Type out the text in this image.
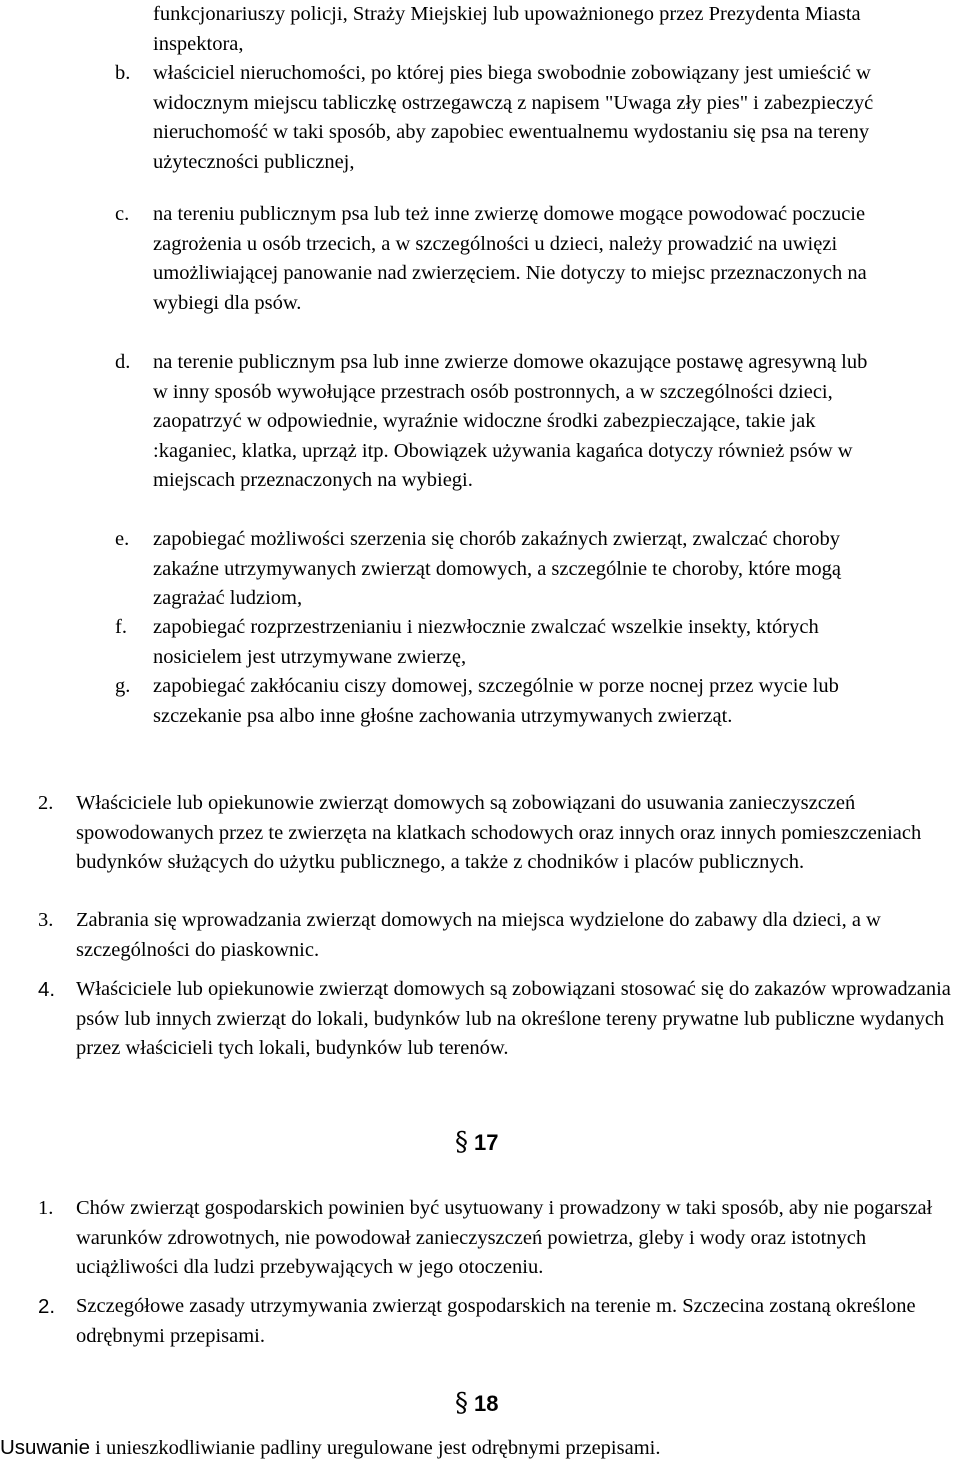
funkcjonariuszy policji, Straży Miejskiej lub upoważnionego przez Prezydenta Miasta inspektora,
b. właściciel nieruchomości, po której pies biega swobodnie zobowiązany jest umieścić w widocznym miejscu tabliczkę ostrzegawczą z napisem "Uwaga zły pies" i zabezpieczyć nieruchomość w taki sposób, aby zapobiec ewentualnemu wydostaniu się psa na tereny użyteczności publicznej,
c. na tereniu publicznym psa lub też inne zwierzę domowe mogące powodować poczucie zagrożenia u osób trzecich, a w szczególności u dzieci, należy prowadzić na uwięzi umożliwiającej panowanie nad zwierzęciem. Nie dotyczy to miejsc przeznaczonych na wybiegi dla psów.
d. na terenie publicznym psa lub inne zwierze domowe okazujące postawę agresywną lub w inny sposób wywołujące przestrach osób postronnych, a w szczególności dzieci, zaopatrzyć w odpowiednie, wyraźnie widoczne środki zabezpieczające, takie jak :kaganiec, klatka, uprząż itp. Obowiązek używania kagańca dotyczy również psów w miejscach przeznaczonych na wybiegi.
e. zapobiegać możliwości szerzenia się chorób zakaźnych zwierząt, zwalczać choroby zakaźne utrzymywanych zwierząt domowych, a szczególnie te choroby, które mogą zagrażać ludziom,
f. zapobiegać rozprzestrzenianiu i niezwłocznie zwalczać wszelkie insekty, których nosicielem jest utrzymywane zwierzę,
g. zapobiegać zakłócaniu ciszy domowej, szczególnie w porze nocnej przez wycie lub szczekanie psa albo inne głośne zachowania utrzymywanych zwierząt.
2. Właściciele lub opiekunowie zwierząt domowych są zobowiązani do usuwania zanieczyszczeń spowodowanych przez te zwierzęta na klatkach schodowych oraz innych oraz innych pomieszczeniach budynków służących do użytku publicznego, a także z chodników i placów publicznych.
3. Zabrania się wprowadzania zwierząt domowych na miejsca wydzielone do zabawy dla dzieci, a w szczególności do piaskownic.
4. Właściciele lub opiekunowie zwierząt domowych są zobowiązani stosować się do zakazów wprowadzania psów lub innych zwierząt do lokali, budynków lub na określone tereny prywatne lub publiczne wydanych przez właścicieli tych lokali, budynków lub terenów.
§ 17
1. Chów zwierząt gospodarskich powinien być usytuowany i prowadzony w taki sposób, aby nie pogarszał warunków zdrowotnych, nie powodował zanieczyszczeń powietrza, gleby i wody oraz istotnych uciążliwości dla ludzi przebywających w jego otoczeniu.
2. Szczegółowe zasady utrzymywania zwierząt gospodarskich na terenie m. Szczecina zostaną określone odrębnymi przepisami.
§ 18
Usuwanie i unieszkodliwianie padliny uregulowane jest odrębnymi przepisami.
